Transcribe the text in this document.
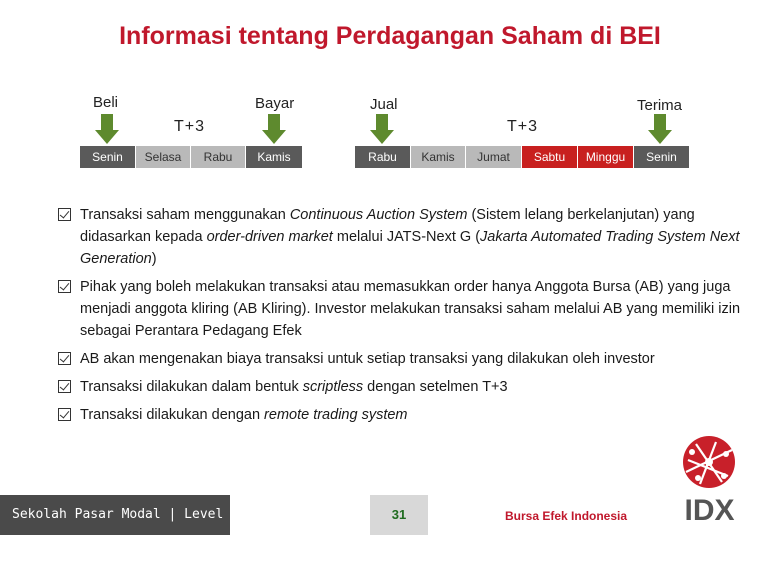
Informasi tentang Perdagangan Saham di BEI
Beli	Bayar	Jual	Terima
T+3	T+3
Senin	Selasa	Rabu	Kamis	Rabu	Kamis	Jumat	Sabtu	Minggu	Senin
Transaksi saham menggunakan Continuous Auction System (Sistem lelang berkelanjutan) yang didasarkan kepada order-driven market melalui JATS-Next G (Jakarta Automated Trading System Next Generation)
Pihak yang boleh melakukan transaksi atau memasukkan order hanya Anggota Bursa (AB) yang juga menjadi anggota kliring (AB Kliring). Investor melakukan transaksi saham melalui AB yang memiliki izin sebagai Perantara Pedagang Efek
AB akan mengenakan biaya transaksi untuk setiap transaksi yang dilakukan oleh investor
Transaksi dilakukan dalam bentuk scriptless dengan setelmen T+3
Transaksi dilakukan dengan remote trading system
Sekolah Pasar Modal | Level 1
31	Bursa Efek Indonesia	IDX
